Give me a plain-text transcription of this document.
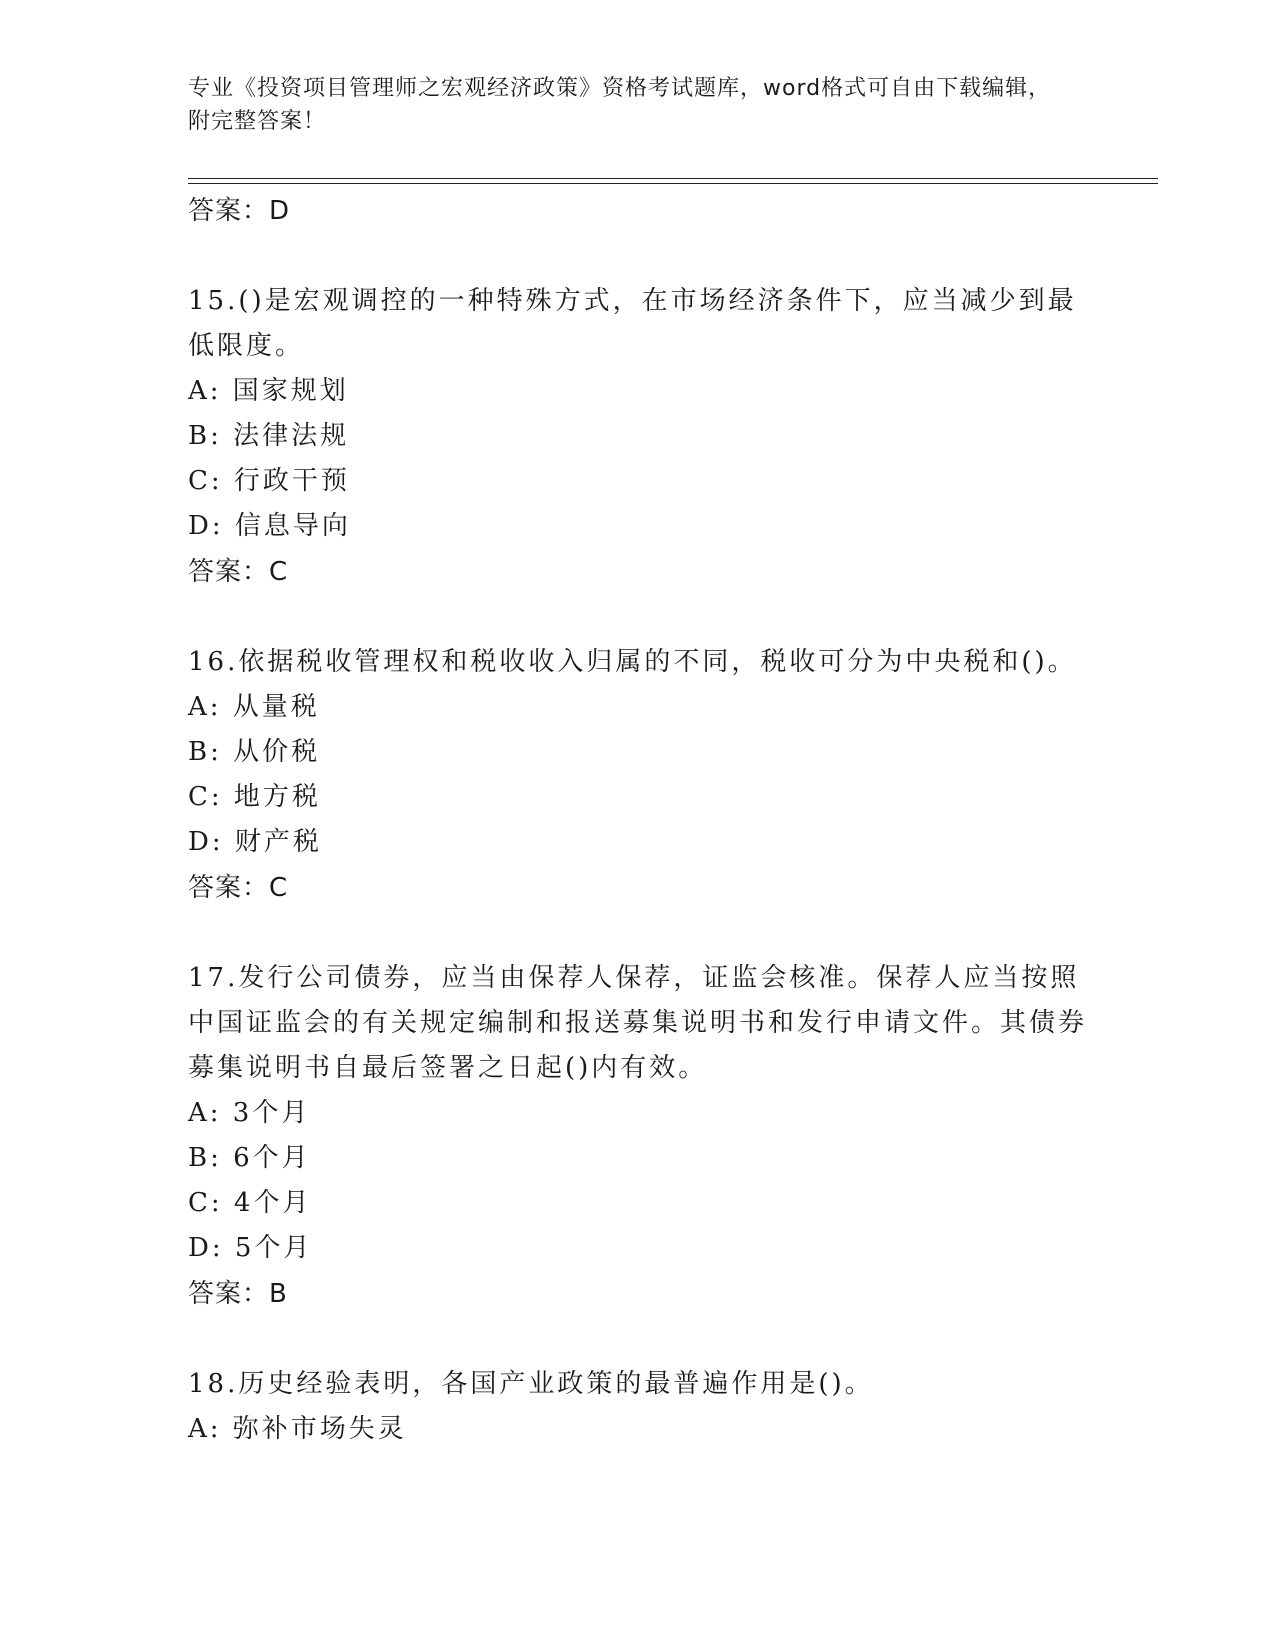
专业《投资项目管理师之宏观经济政策》资格考试题库，word格式可自由下载编辑，附完整答案！
答案：D
15.()是宏观调控的一种特殊方式，在市场经济条件下，应当减少到最低限度。
A: 国家规划
B: 法律法规
C: 行政干预
D: 信息导向
答案：C
16.依据税收管理权和税收收入归属的不同，税收可分为中央税和()。
A: 从量税
B: 从价税
C: 地方税
D: 财产税
答案：C
17.发行公司债券，应当由保荐人保荐，证监会核准。保荐人应当按照中国证监会的有关规定编制和报送募集说明书和发行申请文件。其债券募集说明书自最后签署之日起()内有效。
A: 3个月
B: 6个月
C: 4个月
D: 5个月
答案：B
18.历史经验表明，各国产业政策的最普遍作用是()。
A: 弥补市场失灵
